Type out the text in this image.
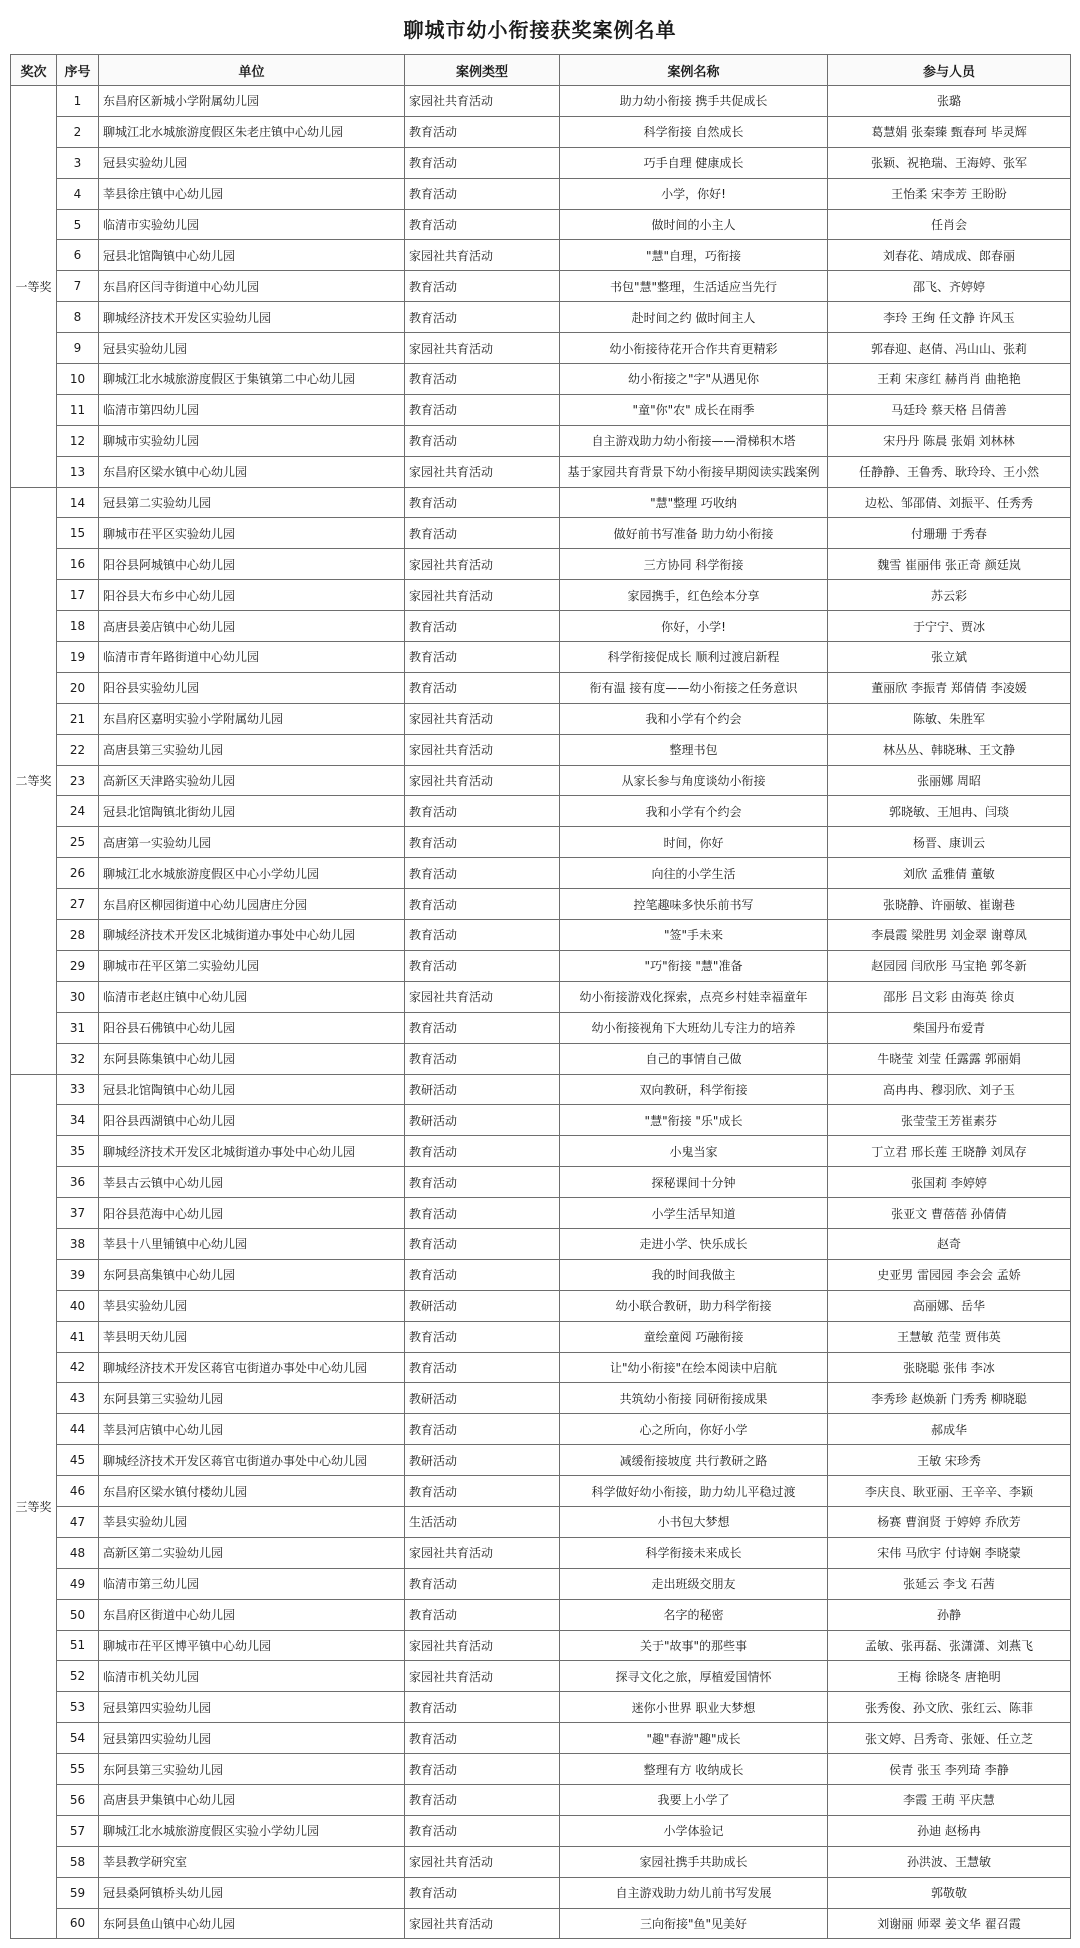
聊城市幼小衔接获奖案例名单
奖次	序号	单位	案例类型	案例名称	参与人员
一等奖	1	东昌府区新城小学附属幼儿园	家园社共育活动	助力幼小衔接 携手共促成长	张璐
	2	聊城江北水城旅游度假区朱老庄镇中心幼儿园	教育活动	科学衔接 自然成长	葛慧娟 张秦臻 甄春珂 毕灵辉
	3	冠县实验幼儿园	教育活动	巧手自理 健康成长	张颖、祝艳瑞、王海婷、张军
	4	莘县徐庄镇中心幼儿园	教育活动	小学，你好!	王怡柔 宋李芳 王盼盼
	5	临清市实验幼儿园	教育活动	做时间的小主人	任肖会
	6	冠县北馆陶镇中心幼儿园	家园社共育活动	"慧"自理，巧衔接	刘春花、靖成成、郎春丽
	7	东昌府区闫寺街道中心幼儿园	教育活动	书包"慧"整理，生活适应当先行	邵飞、齐婷婷
	8	聊城经济技术开发区实验幼儿园	教育活动	赴时间之约 做时间主人	李玲 王绚 任文静 许风玉
	9	冠县实验幼儿园	家园社共育活动	幼小衔接待花开合作共育更精彩	郭春迎、赵倩、冯山山、张莉
	10	聊城江北水城旅游度假区于集镇第二中心幼儿园	教育活动	幼小衔接之"字"从遇见你	王莉 宋彦红 赫肖肖 曲艳艳
	11	临清市第四幼儿园	教育活动	"童"你"农" 成长在雨季	马廷玲 蔡天格 吕倩善
	12	聊城市实验幼儿园	教育活动	自主游戏助力幼小衔接——滑梯积木塔	宋丹丹 陈晨 张娟 刘林林
	13	东昌府区梁水镇中心幼儿园	家园社共育活动	基于家园共育背景下幼小衔接早期阅读实践案例	任静静、王鲁秀、耿玲玲、王小然
二等奖	14	冠县第二实验幼儿园	教育活动	"慧"整理 巧收纳	边松、邹邵倩、刘振平、任秀秀
	15	聊城市茌平区实验幼儿园	教育活动	做好前书写准备 助力幼小衔接	付珊珊 于秀春
	16	阳谷县阿城镇中心幼儿园	家园社共育活动	三方协同 科学衔接	魏雪 崔丽伟 张正奇 颜廷岚
	17	阳谷县大布乡中心幼儿园	家园社共育活动	家园携手，红色绘本分享	苏云彩
	18	高唐县姜店镇中心幼儿园	教育活动	你好，小学!	于宁宁、贾冰
	19	临清市青年路街道中心幼儿园	教育活动	科学衔接促成长 顺利过渡启新程	张立斌
	20	阳谷县实验幼儿园	教育活动	衔有温 接有度——幼小衔接之任务意识	董丽欣 李振青 郑倩倩 李凌媛
	21	东昌府区嘉明实验小学附属幼儿园	家园社共育活动	我和小学有个约会	陈敏、朱胜军
	22	高唐县第三实验幼儿园	家园社共育活动	整理书包	林丛丛、韩晓琳、王文静
	23	高新区天津路实验幼儿园	家园社共育活动	从家长参与角度谈幼小衔接	张丽娜 周昭
	24	冠县北馆陶镇北街幼儿园	教育活动	我和小学有个约会	郭晓敏、王旭冉、闫琰
	25	高唐第一实验幼儿园	教育活动	时间，你好	杨晋、康训云
	26	聊城江北水城旅游度假区中心小学幼儿园	教育活动	向往的小学生活	刘欣 孟雅倩 董敏
	27	东昌府区柳园街道中心幼儿园唐庄分园	教育活动	控笔趣味多快乐前书写	张晓静、许丽敏、崔谢巷
	28	聊城经济技术开发区北城街道办事处中心幼儿园	教育活动	"签"手未来	李晨霞 梁胜男 刘金翠 谢尊凤
	29	聊城市茌平区第二实验幼儿园	教育活动	"巧"衔接 "慧"准备	赵园园 闫欣彤 马宝艳 郭冬新
	30	临清市老赵庄镇中心幼儿园	家园社共育活动	幼小衔接游戏化探索，点亮乡村娃幸福童年	邵彤 吕文彩 由海英 徐贞
	31	阳谷县石佛镇中心幼儿园	教育活动	幼小衔接视角下大班幼儿专注力的培养	柴国丹布爱青
	32	东阿县陈集镇中心幼儿园	教育活动	自己的事情自己做	牛晓莹 刘莹 任露露 郭丽娟
三等奖	33	冠县北馆陶镇中心幼儿园	教研活动	双向教研，科学衔接	高冉冉、穆羽欣、刘子玉
	34	阳谷县西湖镇中心幼儿园	教研活动	"慧"衔接 "乐"成长	张莹莹王芳崔素芬
	35	聊城经济技术开发区北城街道办事处中心幼儿园	教育活动	小鬼当家	丁立君 邢长莲 王晓静 刘凤存
	36	莘县古云镇中心幼儿园	教育活动	探秘课间十分钟	张国莉 李婷婷
	37	阳谷县范海中心幼儿园	教育活动	小学生活早知道	张亚文 曹蓓蓓 孙倩倩
	38	莘县十八里铺镇中心幼儿园	教育活动	走进小学、快乐成长	赵奇
	39	东阿县高集镇中心幼儿园	教育活动	我的时间我做主	史亚男 雷园园 李会会 孟娇
	40	莘县实验幼儿园	教研活动	幼小联合教研，助力科学衔接	高丽娜、岳华
	41	莘县明天幼儿园	教育活动	童绘童阅 巧融衔接	王慧敏 范莹 贾伟英
	42	聊城经济技术开发区蒋官屯街道办事处中心幼儿园	教育活动	让"幼小衔接"在绘本阅读中启航	张晓聪 张伟 李冰
	43	东阿县第三实验幼儿园	教研活动	共筑幼小衔接 同研衔接成果	李秀珍 赵焕新 门秀秀 柳晓聪
	44	莘县河店镇中心幼儿园	教育活动	心之所向，你好小学	郝成华
	45	聊城经济技术开发区蒋官屯街道办事处中心幼儿园	教研活动	减缓衔接坡度 共行教研之路	王敏 宋珍秀
	46	东昌府区梁水镇付楼幼儿园	教育活动	科学做好幼小衔接，助力幼儿平稳过渡	李庆良、耿亚丽、王辛辛、李颖
	47	莘县实验幼儿园	生活活动	小书包大梦想	杨赛 曹润贤 于婷婷 乔欣芳
	48	高新区第二实验幼儿园	家园社共育活动	科学衔接未来成长	宋伟 马欣宇 付诗娴 李晓蒙
	49	临清市第三幼儿园	教育活动	走出班级交朋友	张延云 李戈 石茜
	50	东昌府区街道中心幼儿园	教育活动	名字的秘密	孙静
	51	聊城市茌平区博平镇中心幼儿园	家园社共育活动	关于"故事"的那些事	孟敏、张再磊、张潇潇、刘燕飞
	52	临清市机关幼儿园	家园社共育活动	探寻文化之旅，厚植爱国情怀	王梅 徐晓冬 唐艳明
	53	冠县第四实验幼儿园	教育活动	迷你小世界 职业大梦想	张秀俊、孙文欣、张红云、陈菲
	54	冠县第四实验幼儿园	教育活动	"趣"春游"趣"成长	张文婷、吕秀奇、张娅、任立芝
	55	东阿县第三实验幼儿园	教育活动	整理有方 收纳成长	侯青 张玉 李列琦 李静
	56	高唐县尹集镇中心幼儿园	教育活动	我要上小学了	李霞 王萌 平庆慧
	57	聊城江北水城旅游度假区实验小学幼儿园	教育活动	小学体验记	孙迪 赵杨冉
	58	莘县教学研究室	家园社共育活动	家园社携手共助成长	孙洪波、王慧敏
	59	冠县桑阿镇桥头幼儿园	教育活动	自主游戏助力幼儿前书写发展	郭敬敬
	60	东阿县鱼山镇中心幼儿园	家园社共育活动	三向衔接"鱼"见美好	刘谢丽 师翠 姜文华 翟召霞
